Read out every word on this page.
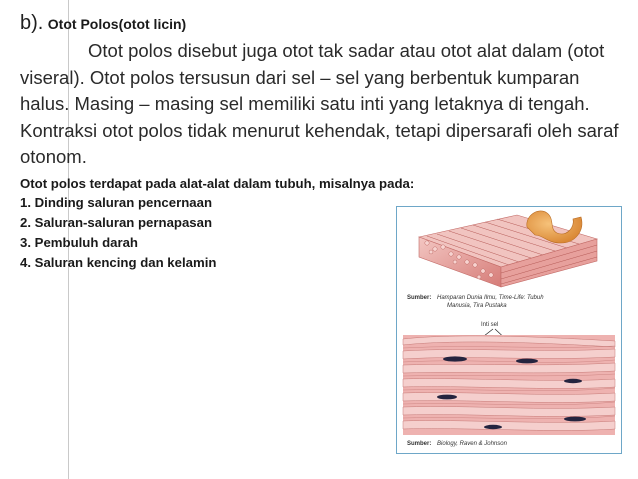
b). Otot Polos(otot licin)

Otot polos disebut juga otot tak sadar atau otot alat dalam (otot viseral). Otot polos tersusun dari sel – sel yang berbentuk kumparan halus. Masing – masing sel memiliki satu inti yang letaknya di tengah. Kontraksi otot polos tidak menurut kehendak, tetapi dipersarafi oleh saraf otonom.

Otot polos terdapat pada alat-alat dalam tubuh, misalnya pada:

1. Dinding saluran pencernaan
2. Saluran-saluran pernapasan
3. Pembuluh darah
4. Saluran kencing dan kelamin
Sumber: Hamparan Dunia Ilmu, Time-Life: Tubuh
Manusia, Tira Pustaka
Inti sel
Sumber: Biology, Raven & Johnson
